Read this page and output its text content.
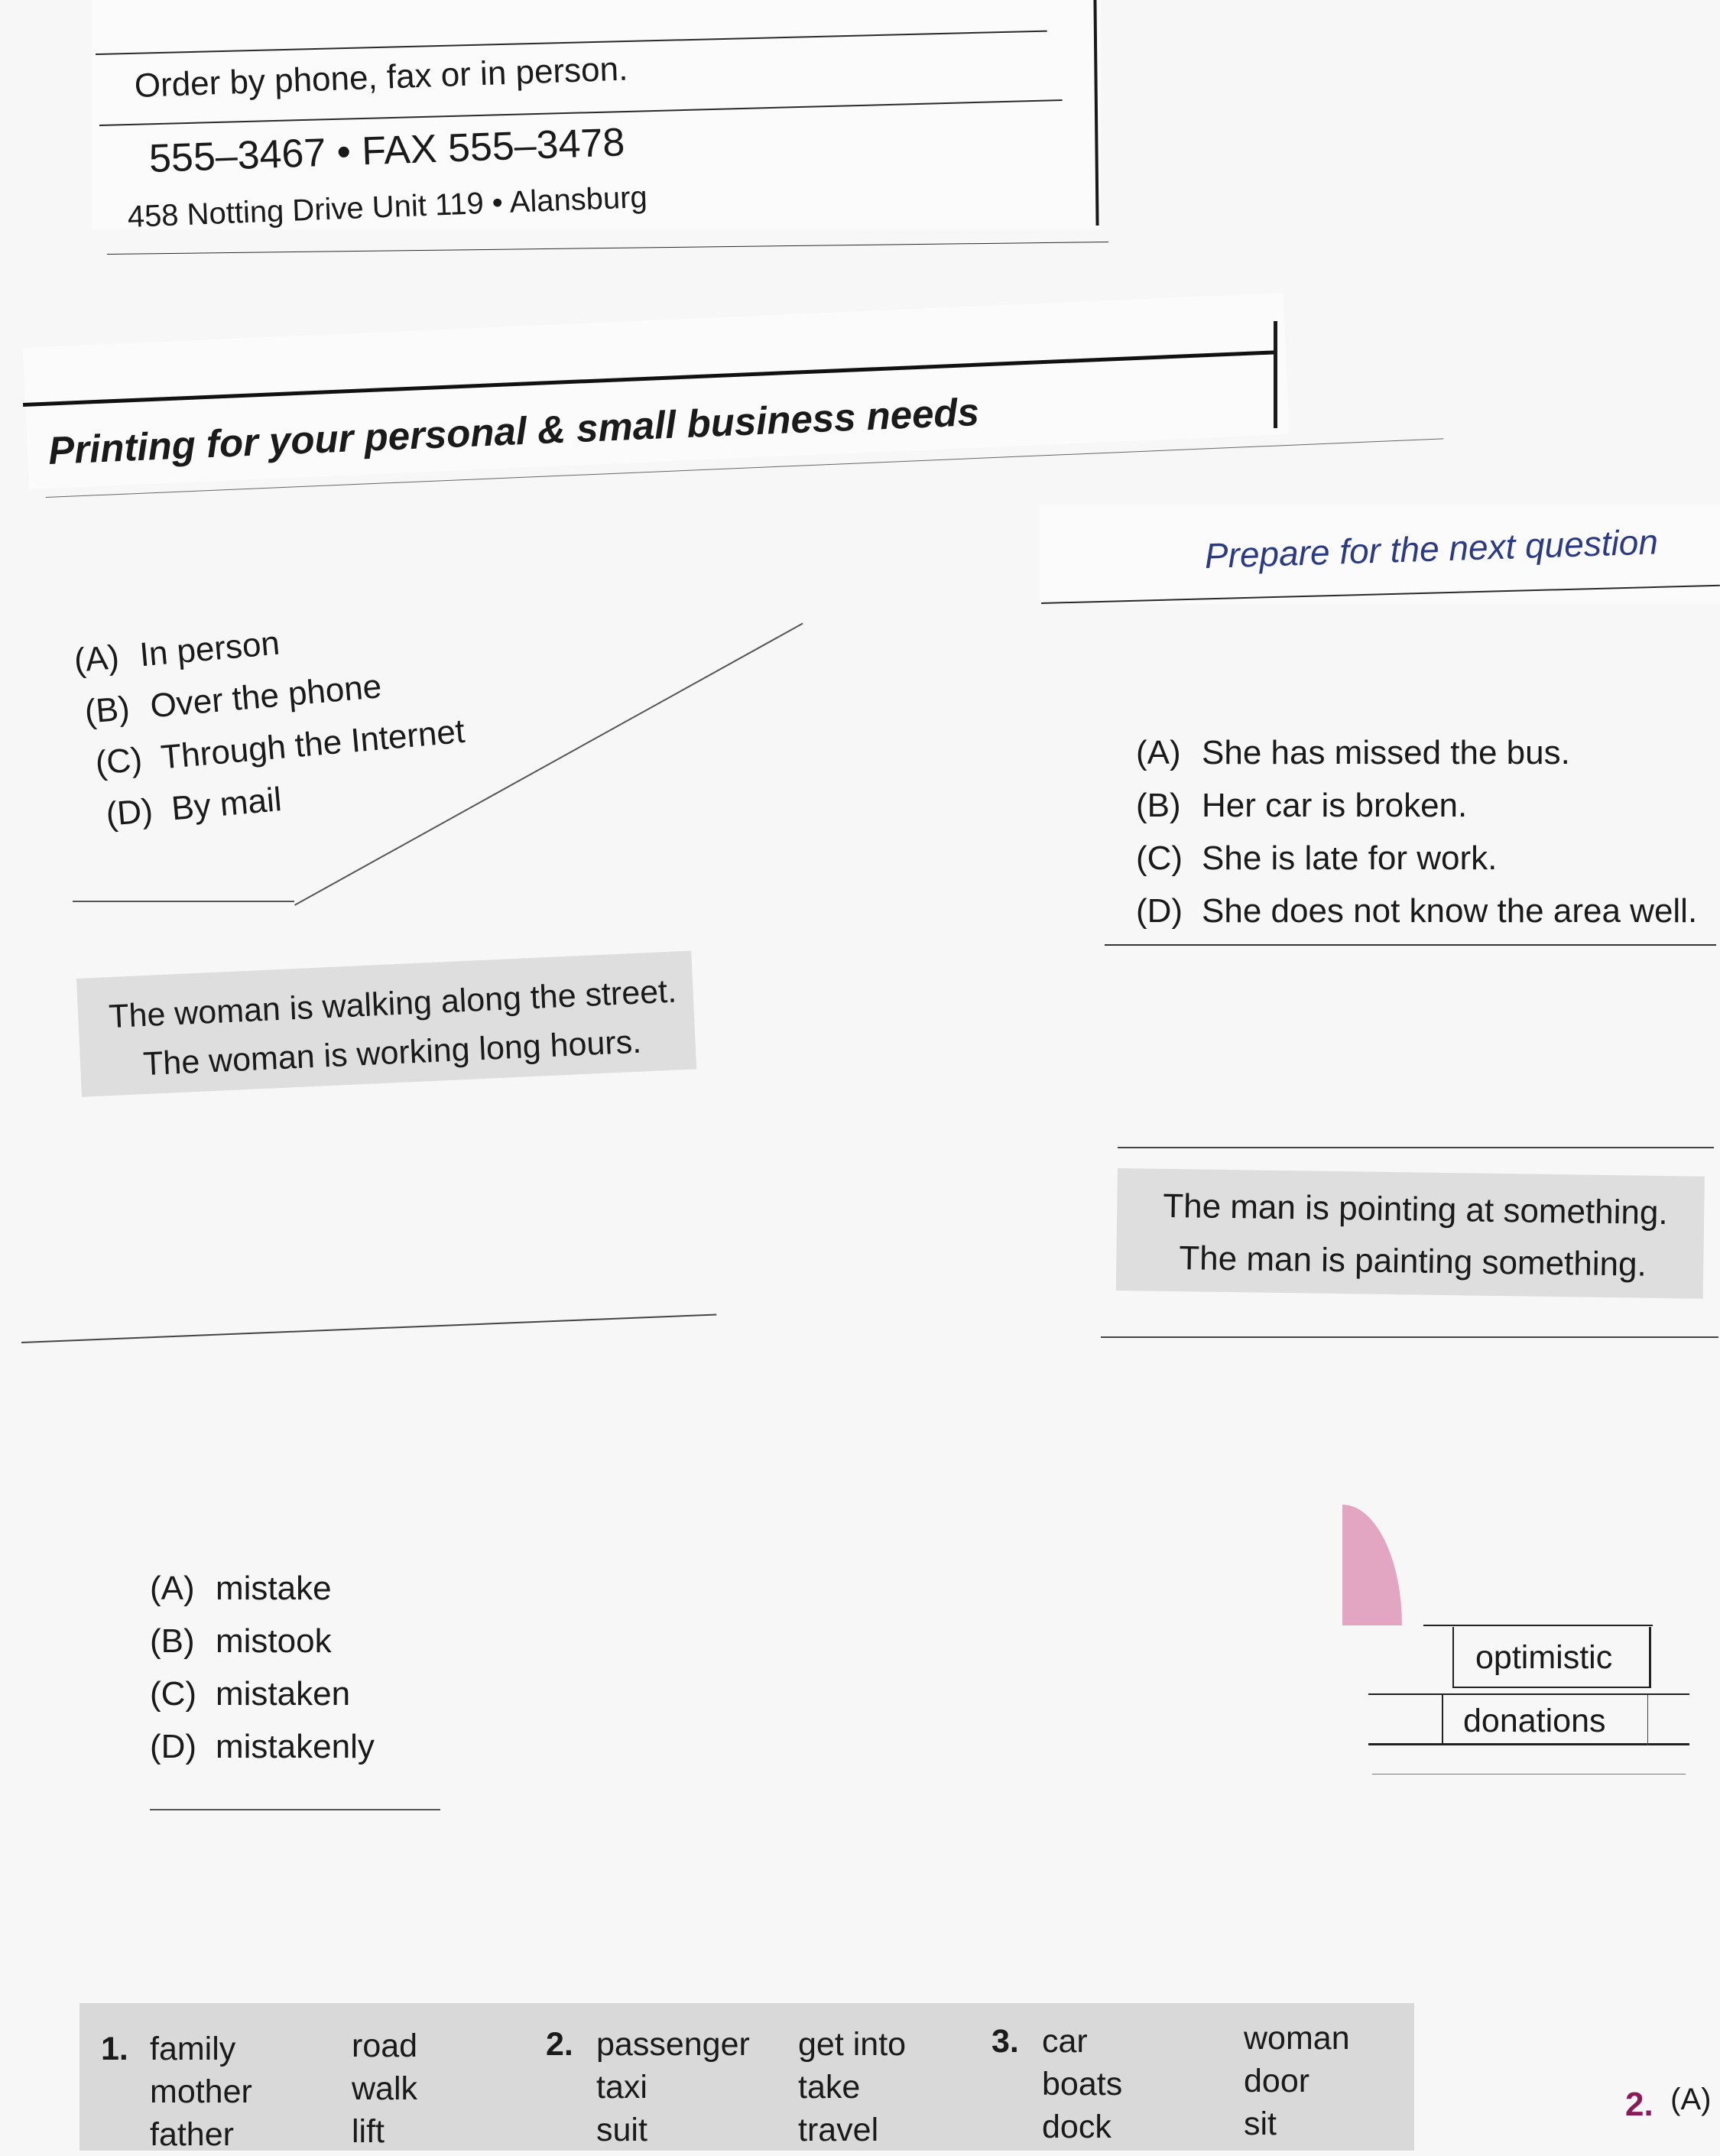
Order by phone, fax or in person.
555–3467 • FAX 555–3478
458 Notting Drive Unit 119 • Alansburg
Printing for your personal & small business needs
Prepare for the next question
(A) In person
(B) Over the phone
(C) Through the Internet
(D) By mail
(A) She has missed the bus.
(B) Her car is broken.
(C) She is late for work.
(D) She does not know the area well.
The woman is walking along the street.
The woman is working long hours.
The man is pointing at something.
The man is painting something.
(A) mistake
(B) mistook
(C) mistaken
(D) mistakenly
optimistic
donations
1. family
mother
father
road
walk
lift
2. passenger
taxi
suit
get into
take
travel
3. car
boats
dock
woman
door
sit
2. (A)
